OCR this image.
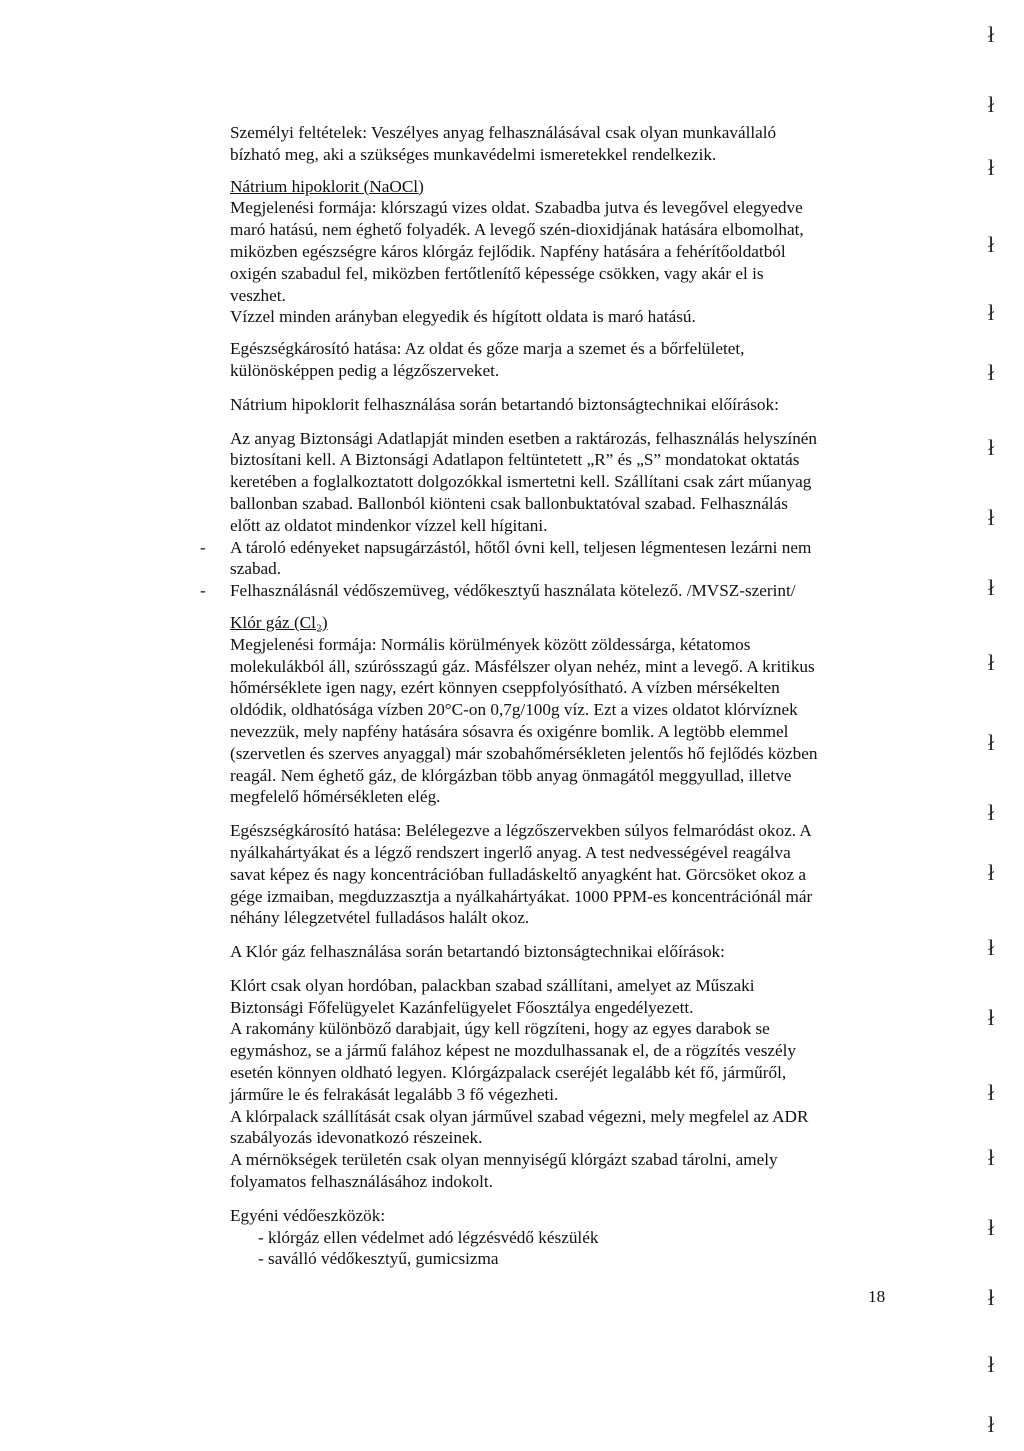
Személyi feltételek: Veszélyes anyag felhasználásával csak olyan munkavállaló
bízható meg, aki a szükséges munkavédelmi ismeretekkel rendelkezik.

Nátrium hipoklorit (NaOCl)

Megjelenési formája: klórszagú vizes oldat. Szabadba jutva és levegővel elegyedve
maró hatású, nem éghető folyadék. A levegő szén-dioxidjának hatására elbomolhat,
miközben egészségre káros klórgáz fejlődik. Napfény hatására a fehérítőoldatból
oxigén szabadul fel, miközben fertőtlenítő képessége csökken, vagy akár el is
veszhet.
Vízzel minden arányban elegyedik és hígított oldata is maró hatású.

Egészségkárosító hatása: Az oldat és gőze marja a szemet és a bőrfelületet,
különösképpen pedig a légzőszerveket.

Nátrium hipoklorit felhasználása során betartandó biztonságtechnikai előírások:

Az anyag Biztonsági Adatlapját minden esetben a raktározás, felhasználás helyszínén
biztosítani kell. A Biztonsági Adatlapon feltüntetett „R” és „S” mondatokat oktatás
keretében a foglalkoztatott dolgozókkal ismertetni kell. Szállítani csak zárt műanyag
ballonban szabad. Ballonból kiönteni csak ballonbuktatóval szabad. Felhasználás
előtt az oldatot mindenkor vízzel kell hígitani.

- A tároló edényeket napsugárzástól, hőtől óvni kell, teljesen légmentesen lezárni nem
szabad.
- Felhasználásnál védőszemüveg, védőkesztyű használata kötelező. /MVSZ-szerint/

Klór gáz (Cl₂)

Megjelenési formája: Normális körülmények között zöldessárga, kétatomos
molekulákból áll, szúrósszagú gáz. Másfélszer olyan nehéz, mint a levegő. A kritikus
hőmérséklete igen nagy, ezért könnyen cseppfolyósítható. A vízben mérsékelten
oldódik, oldhatósága vízben 20°C-on 0,7g/100g víz. Ezt a vizes oldatot klórvíznek
nevezzük, mely napfény hatására sósavra és oxigénre bomlik. A legtöbb elemmel
(szervetlen és szerves anyaggal) már szobahőmérsékleten jelentős hő fejlődés közben
reagál. Nem éghető gáz, de klórgázban több anyag önmagától meggyullad, illetve
megfelelő hőmérsékleten elég.

Egészségkárosító hatása: Belélegezve a légzőszervekben súlyos felmaródást okoz. A
nyálkahártyákat és a légző rendszert ingerlő anyag. A test nedvességével reagálva
savat képez és nagy koncentrációban fulladáskeltő anyagként hat. Görcsöket okoz a
gége izmaiban, megduzzasztja a nyálkahártyákat. 1000 PPM-es koncentrációnál már
néhány lélegzetvétel fulladásos halált okoz.

A Klór gáz felhasználása során betartandó biztonságtechnikai előírások:

Klórt csak olyan hordóban, palackban szabad szállítani, amelyet az Műszaki
Biztonsági Főfelügyelet Kazánfelügyelet Főosztálya engedélyezett.
A rakomány különböző darabjait, úgy kell rögzíteni, hogy az egyes darabok se
egymáshoz, se a jármű falához képest ne mozdulhassanak el, de a rögzítés veszély
esetén könnyen oldható legyen. Klórgázpalack cseréjét legalább két fő, járműről,
járműre le és felrakását legalább 3 fő végezheti.
A klórpalack szállítását csak olyan járművel szabad végezni, mely megfelel az ADR
szabályozás idevonatkozó részeinek.
A mérnökségek területén csak olyan mennyiségű klórgázt szabad tárolni, amely
folyamatos felhasználásához indokolt.

Egyéni védőeszközök:

- klórgáz ellen védelmet adó légzésvédő készülék
- saválló védőkesztyű, gumicsizma

18
ł
ł
ł
ł
ł
ł
ł
ł
ł
ł
ł
ł
ł
ł
ł
ł
ł
ł
ł
ł
ł
